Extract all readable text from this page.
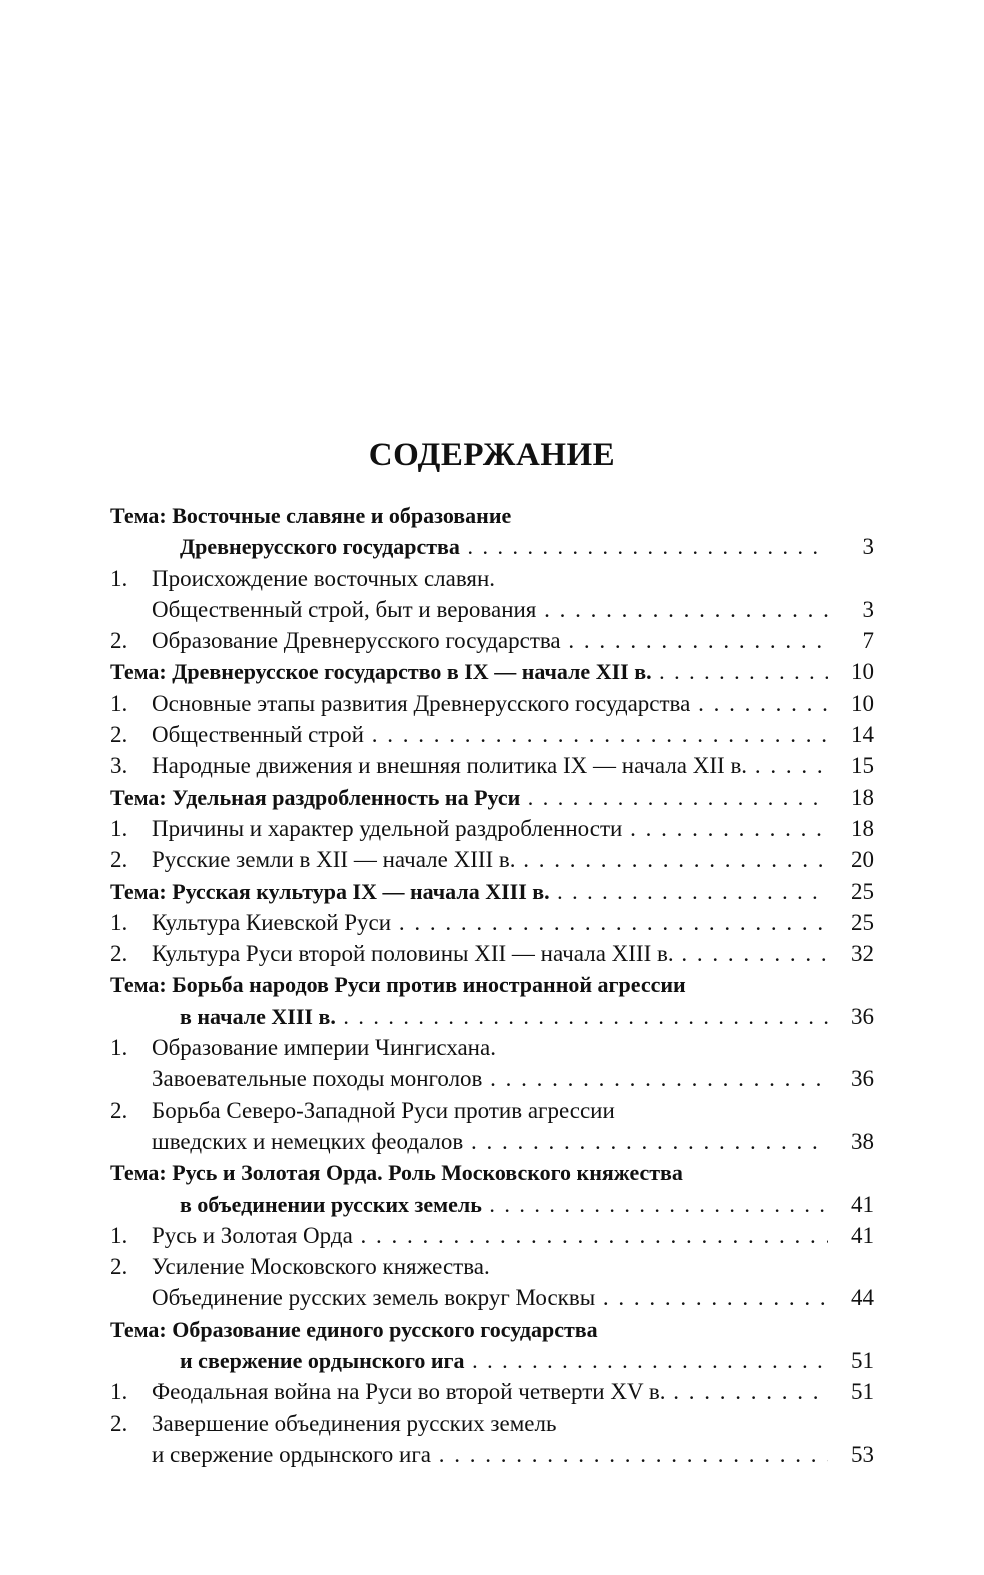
СОДЕРЖАНИЕ
Тема: Восточные славяне и образование
Древнерусского государства . . .	3
1. Происхождение восточных славян.
Общественный строй, быт и верования . . .	3
2. Образование Древнерусского государства . . .	7
Тема: Древнерусское государство в IX — начале XII в. . . .	10
1. Основные этапы развития Древнерусского государства . . .	10
2. Общественный строй . . .	14
3. Народные движения и внешняя политика IX — начала XII в. . . .	15
Тема: Удельная раздробленность на Руси . . .	18
1. Причины и характер удельной раздробленности . . .	18
2. Русские земли в XII — начале XIII в. . . .	20
Тема: Русская культура IX — начала XIII в. . . .	25
1. Культура Киевской Руси . . .	25
2. Культура Руси второй половины XII — начала XIII в. . . .	32
Тема: Борьба народов Руси против иностранной агрессии
в начале XIII в. . . .	36
1. Образование империи Чингисхана.
Завоевательные походы монголов . . .	36
2. Борьба Северо-Западной Руси против агрессии
шведских и немецких феодалов . . .	38
Тема: Русь и Золотая Орда. Роль Московского княжества
в объединении русских земель . . .	41
1. Русь и Золотая Орда . . .	41
2. Усиление Московского княжества.
Объединение русских земель вокруг Москвы . . .	44
Тема: Образование единого русского государства
и свержение ордынского ига . . .	51
1. Феодальная война на Руси во второй четверти XV в. . . .	51
2. Завершение объединения русских земель
и свержение ордынского ига . . .	53
